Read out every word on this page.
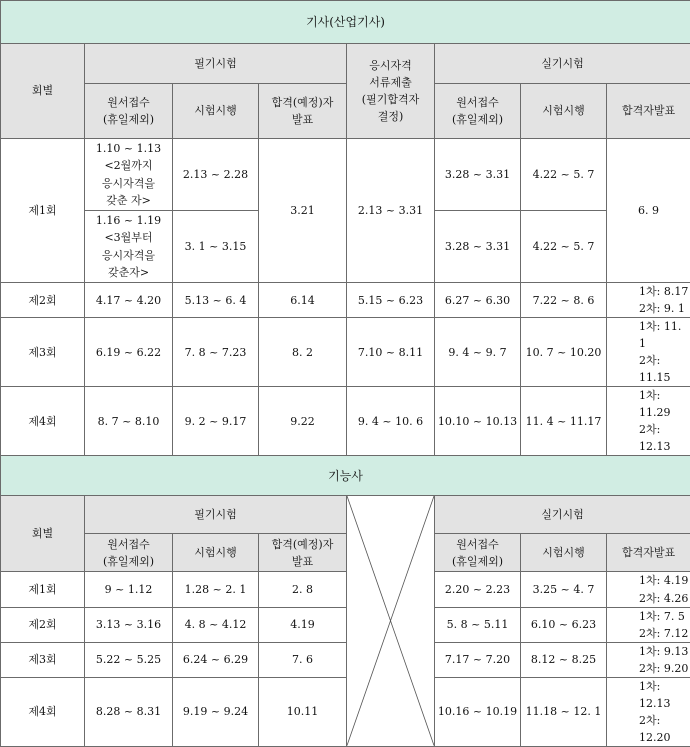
기사(산업기사)							
회별	필기시험			응시자격
서류제출
(필기합격자
결정)	실기시험		

	원서접수
(휴일제외)	시험시행	합격(예정)자
발표		원서접수
(휴일제외)	시험시행	합격자발표
제1회	1.10 ~ 1.13
<2월까지
응시자격을
갖춘 자>	2.13 ~ 2.28	3.21	2.13 ~ 3.31	3.28 ~ 3.31	4.22 ~ 5. 7	6. 9

	1.16 ~ 1.19
<3월부터
응시자격을
갖춘자>	3. 1 ~ 3.15			3.28 ~ 3.31	4.22 ~ 5. 7	
제2회	4.17 ~ 4.20	5.13 ~ 6. 4	6.14	5.15 ~ 6.23	6.27 ~ 6.30	7.22 ~ 8. 6	1차: 8.17
2차: 9. 1

제3회	6.19 ~ 6.22	7. 8 ~ 7.23	8. 2	7.10 ~ 8.11	9. 4 ~ 9. 7	10. 7 ~ 10.20	1차: 11. 1
2차: 11.15

제4회	8. 7 ~ 8.10	9. 2 ~ 9.17	9.22	9. 4 ~ 10. 6	10.10 ~ 10.13	11. 4 ~ 11.17	1차: 11.29
2차: 12.13

기능사							
회별	필기시험				실기시험		

	원서접수
(휴일제외)	시험시행	합격(예정)자
발표		원서접수
(휴일제외)	시험시행	합격자발표
제1회	9 ~ 1.12	1.28 ~ 2. 1	2. 8		2.20 ~ 2.23	3.25 ~ 4. 7	1차: 4.19
2차: 4.26

제2회	3.13 ~ 3.16	4. 8 ~ 4.12	4.19		5. 8 ~ 5.11	6.10 ~ 6.23	1차: 7. 5
2차: 7.12

제3회	5.22 ~ 5.25	6.24 ~ 6.29	7. 6		7.17 ~ 7.20	8.12 ~ 8.25	1차: 9.13
2차: 9.20

제4회	8.28 ~ 8.31	9.19 ~ 9.24	10.11		10.16 ~ 10.19	11.18 ~ 12. 1	1차: 12.13
2차: 12.20
